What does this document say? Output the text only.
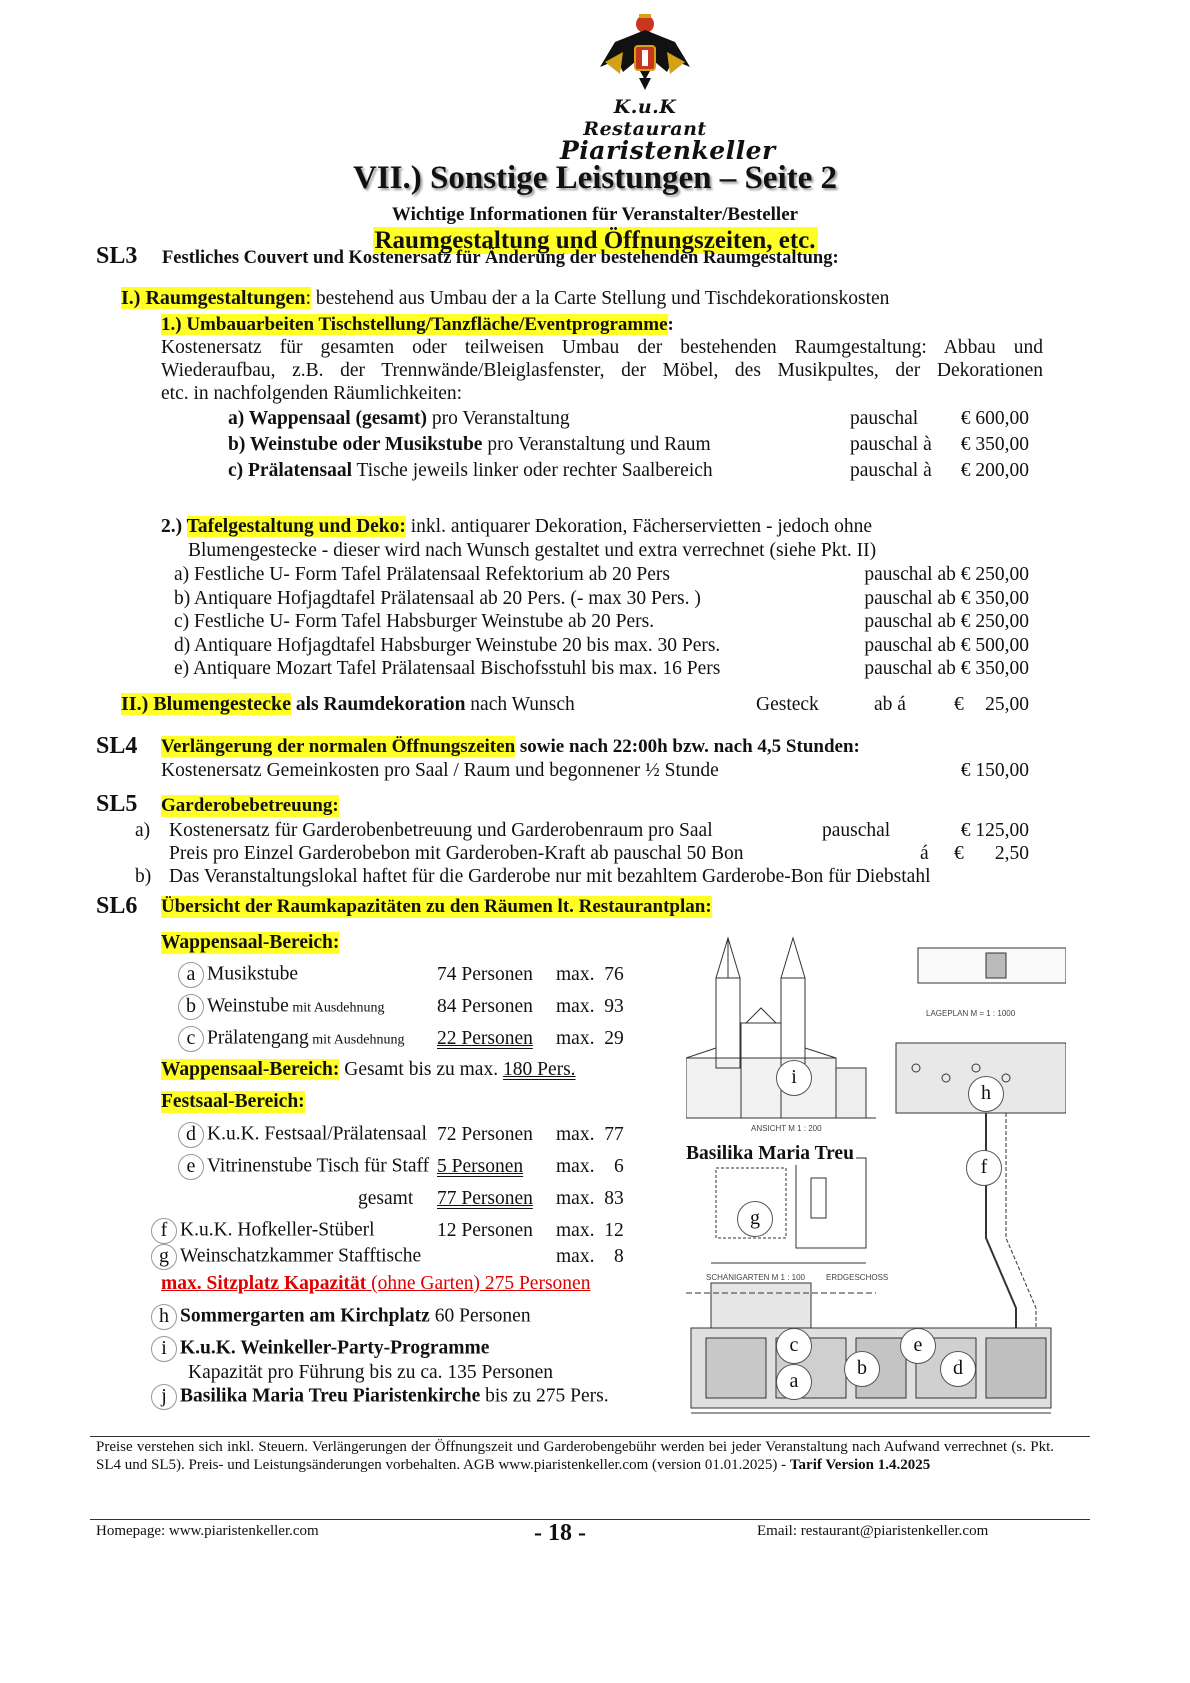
K.u.K Restaurant
Piaristenkeller
VII.) Sonstige Leistungen – Seite 2
Wichtige Informationen für Veranstalter/Besteller
Raumgestaltung und Öffnungszeiten, etc.
SL3 Festliches Couvert und Kostenersatz für Änderung der bestehenden Raumgestaltung:
I.) Raumgestaltungen: bestehend aus Umbau der a la Carte Stellung und Tischdekorationskosten
1.) Umbauarbeiten Tischstellung/Tanzfläche/Eventprogramme:
Kostenersatz für gesamten oder teilweisen Umbau der bestehenden Raumgestaltung: Abbau und
Wiederaufbau, z.B. der Trennwände/Bleiglasfenster, der Möbel, des Musikpultes, der Dekorationen
etc. in nachfolgenden Räumlichkeiten:
a) Wappensaal (gesamt) pro Veranstaltung	pauschal	€ 600,00
b) Weinstube oder Musikstube pro Veranstaltung und Raum	pauschal à	€ 350,00
c) Prälatensaal Tische jeweils linker oder rechter Saalbereich	pauschal à	€ 200,00
2.) Tafelgestaltung und Deko: inkl. antiquarer Dekoration, Fächerservietten - jedoch ohne
Blumengestecke - dieser wird nach Wunsch gestaltet und extra verrechnet (siehe Pkt. II)
a) Festliche U- Form Tafel Prälatensaal Refektorium ab 20 Pers	pauschal ab € 250,00
b) Antiquare Hofjagdtafel Prälatensaal ab 20 Pers. (- max 30 Pers. )	pauschal ab € 350,00
c) Festliche U- Form Tafel Habsburger Weinstube ab 20 Pers.	pauschal ab € 250,00
d) Antiquare Hofjagdtafel Habsburger Weinstube 20 bis max. 30 Pers.	pauschal ab € 500,00
e) Antiquare Mozart Tafel Prälatensaal Bischofsstuhl bis max. 16 Pers	pauschal ab € 350,00
II.) Blumengestecke als Raumdekoration nach Wunsch	Gesteck	ab á € 25,00
SL4 Verlängerung der normalen Öffnungszeiten sowie nach 22:00h bzw. nach 4,5 Stunden:
Kostenersatz Gemeinkosten pro Saal / Raum und begonnener ½ Stunde	€ 150,00
SL5 Garderobebetreuung:
a) Kostenersatz für Garderobenbetreuung und Garderobenraum pro Saal	pauschal	€ 125,00
Preis pro Einzel Garderobebon mit Garderoben-Kraft ab pauschal 50 Bon	á €	2,50
b) Das Veranstaltungslokal haftet für die Garderobe nur mit bezahltem Garderobe-Bon für Diebstahl
SL6 Übersicht der Raumkapazitäten zu den Räumen lt. Restaurantplan:
Wappensaal-Bereich:
a Musikstube	74 Personen	max.  76
b Weinstube mit Ausdehnung	84 Personen	max.  93
c Prälatengang mit Ausdehnung 22 Personen	max.  29
Wappensaal-Bereich: Gesamt bis zu max. 180 Pers.
Festsaal-Bereich:
d K.u.K. Festsaal/Prälatensaal 72 Personen	max.  77
e Vitrinenstube Tisch für Staff 5 Personen	max.    6
gesamt 77 Personen max.  83
f K.u.K. Hofkeller-Stüberl	12 Personen max.  12
g Weinschatzkammer Stafftische	max.    8
max. Sitzplatz Kapazität (ohne Garten) 275 Personen
h Sommergarten am Kirchplatz 60 Personen
i K.u.K. Weinkeller-Party-Programme
Kapazität pro Führung bis zu ca. 135 Personen
j Basilika Maria Treu Piaristenkirche bis zu 275 Pers.
LAGEPLAN M = 1 : 1000
ANSICHT M 1 : 200
SCHANIGARTEN M 1 : 100	ERDGESCHOSS
i
h
f
g
c	e
b	d
a
Basilika Maria Treu
Preise verstehen sich inkl. Steuern. Verlängerungen der Öffnungszeit und Garderobengebühr werden bei jeder Veranstaltung nach Aufwand verrechnet (s. Pkt. SL4 und SL5). Preis- und Leistungsänderungen vorbehalten. AGB www.piaristenkeller.com (version 01.01.2025) - Tarif Version 1.4.2025
Homepage: www.piaristenkeller.com	- 18 -	Email: restaurant@piaristenkeller.com
